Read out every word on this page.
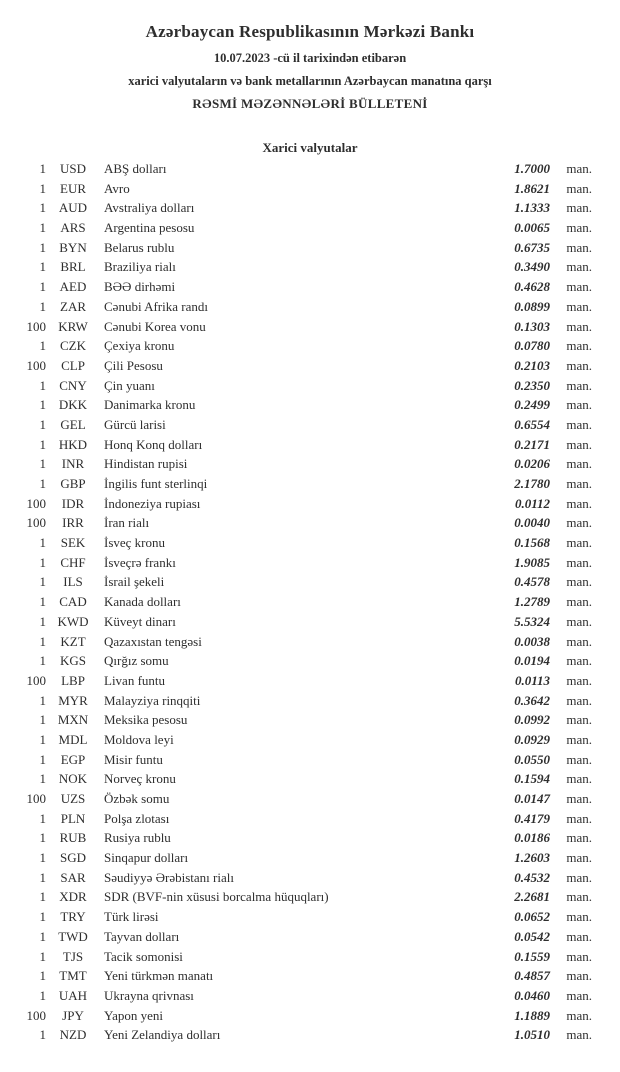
Azərbaycan Respublikasının Mərkəzi Bankı
10.07.2023 -cü il tarixindən etibarən
xarici valyutaların və bank metallarının Azərbaycan manatına qarşı
RƏSMİ MƏZƏNNƏLƏRİ BÜLLETENİ
Xarici valyutalar
1	USD	ABŞ dolları	1.7000	man.
1	EUR	Avro	1.8621	man.
1 AUD	Avstraliya dolları	1.1333	man.
1	ARS	Argentina pesosu	0.0065	man.
1	BYN	Belarus rublu	0.6735	man.
1	BRL	Braziliya rialı	0.3490	man.
1	AED	BƏƏ dirhəmi	0.4628	man.
1	ZAR	Cənubi Afrika randı	0.0899	man.
100 KRW	Cənubi Korea vonu	0.1303	man.
1	CZK	Çexiya kronu	0.0780	man.
100	CLP	Çili Pesosu	0.2103	man.
1	CNY	Çin yuanı	0.2350	man.
1 DKK	Danimarka kronu	0.2499	man.
1	GEL	Gürcü larisi	0.6554	man.
1 HKD	Honq Konq dolları	0.2171	man.
1	INR	Hindistan rupisi	0.0206	man.
1	GBP	İngilis funt sterlinqi	2.1780	man.
100	IDR	İndoneziya rupiası	0.0112	man.
100	IRR	İran rialı	0.0040	man.
1	SEK	İsveç kronu	0.1568	man.
1	CHF	İsveçrə frankı	1.9085	man.
1	ILS	İsrail şekeli	0.4578	man.
1	CAD	Kanada dolları	1.2789	man.
1 KWD	Küveyt dinarı	5.5324	man.
1	KZT	Qazaxıstan tengəsi	0.0038	man.
1	KGS	Qırğız somu	0.0194	man.
100	LBP	Livan funtu	0.0113	man.
1 MYR	Malayziya rinqqiti	0.3642	man.
1 MXN	Meksika pesosu	0.0992	man.
1 MDL	Moldova leyi	0.0929	man.
1	EGP	Misir funtu	0.0550	man.
1 NOK	Norveç kronu	0.1594	man.
100	UZS	Özbək somu	0.0147	man.
1	PLN	Polşa zlotası	0.4179	man.
1	RUB	Rusiya rublu	0.0186	man.
1	SGD	Sinqapur dolları	1.2603	man.
1	SAR	Səudiyyə Ərəbistanı rialı	0.4532	man.
1	XDR	SDR (BVF-nin xüsusi borcalma hüquqları)	2.2681	man.
1	TRY	Türk lirəsi	0.0652	man.
1 TWD	Tayvan dolları	0.0542	man.
1	TJS	Tacik somonisi	0.1559	man.
1	TMT	Yeni türkmən manatı	0.4857	man.
1 UAH	Ukrayna qrivnası	0.0460	man.
100	JPY	Yapon yeni	1.1889	man.
1	NZD	Yeni Zelandiya dolları	1.0510	man.
